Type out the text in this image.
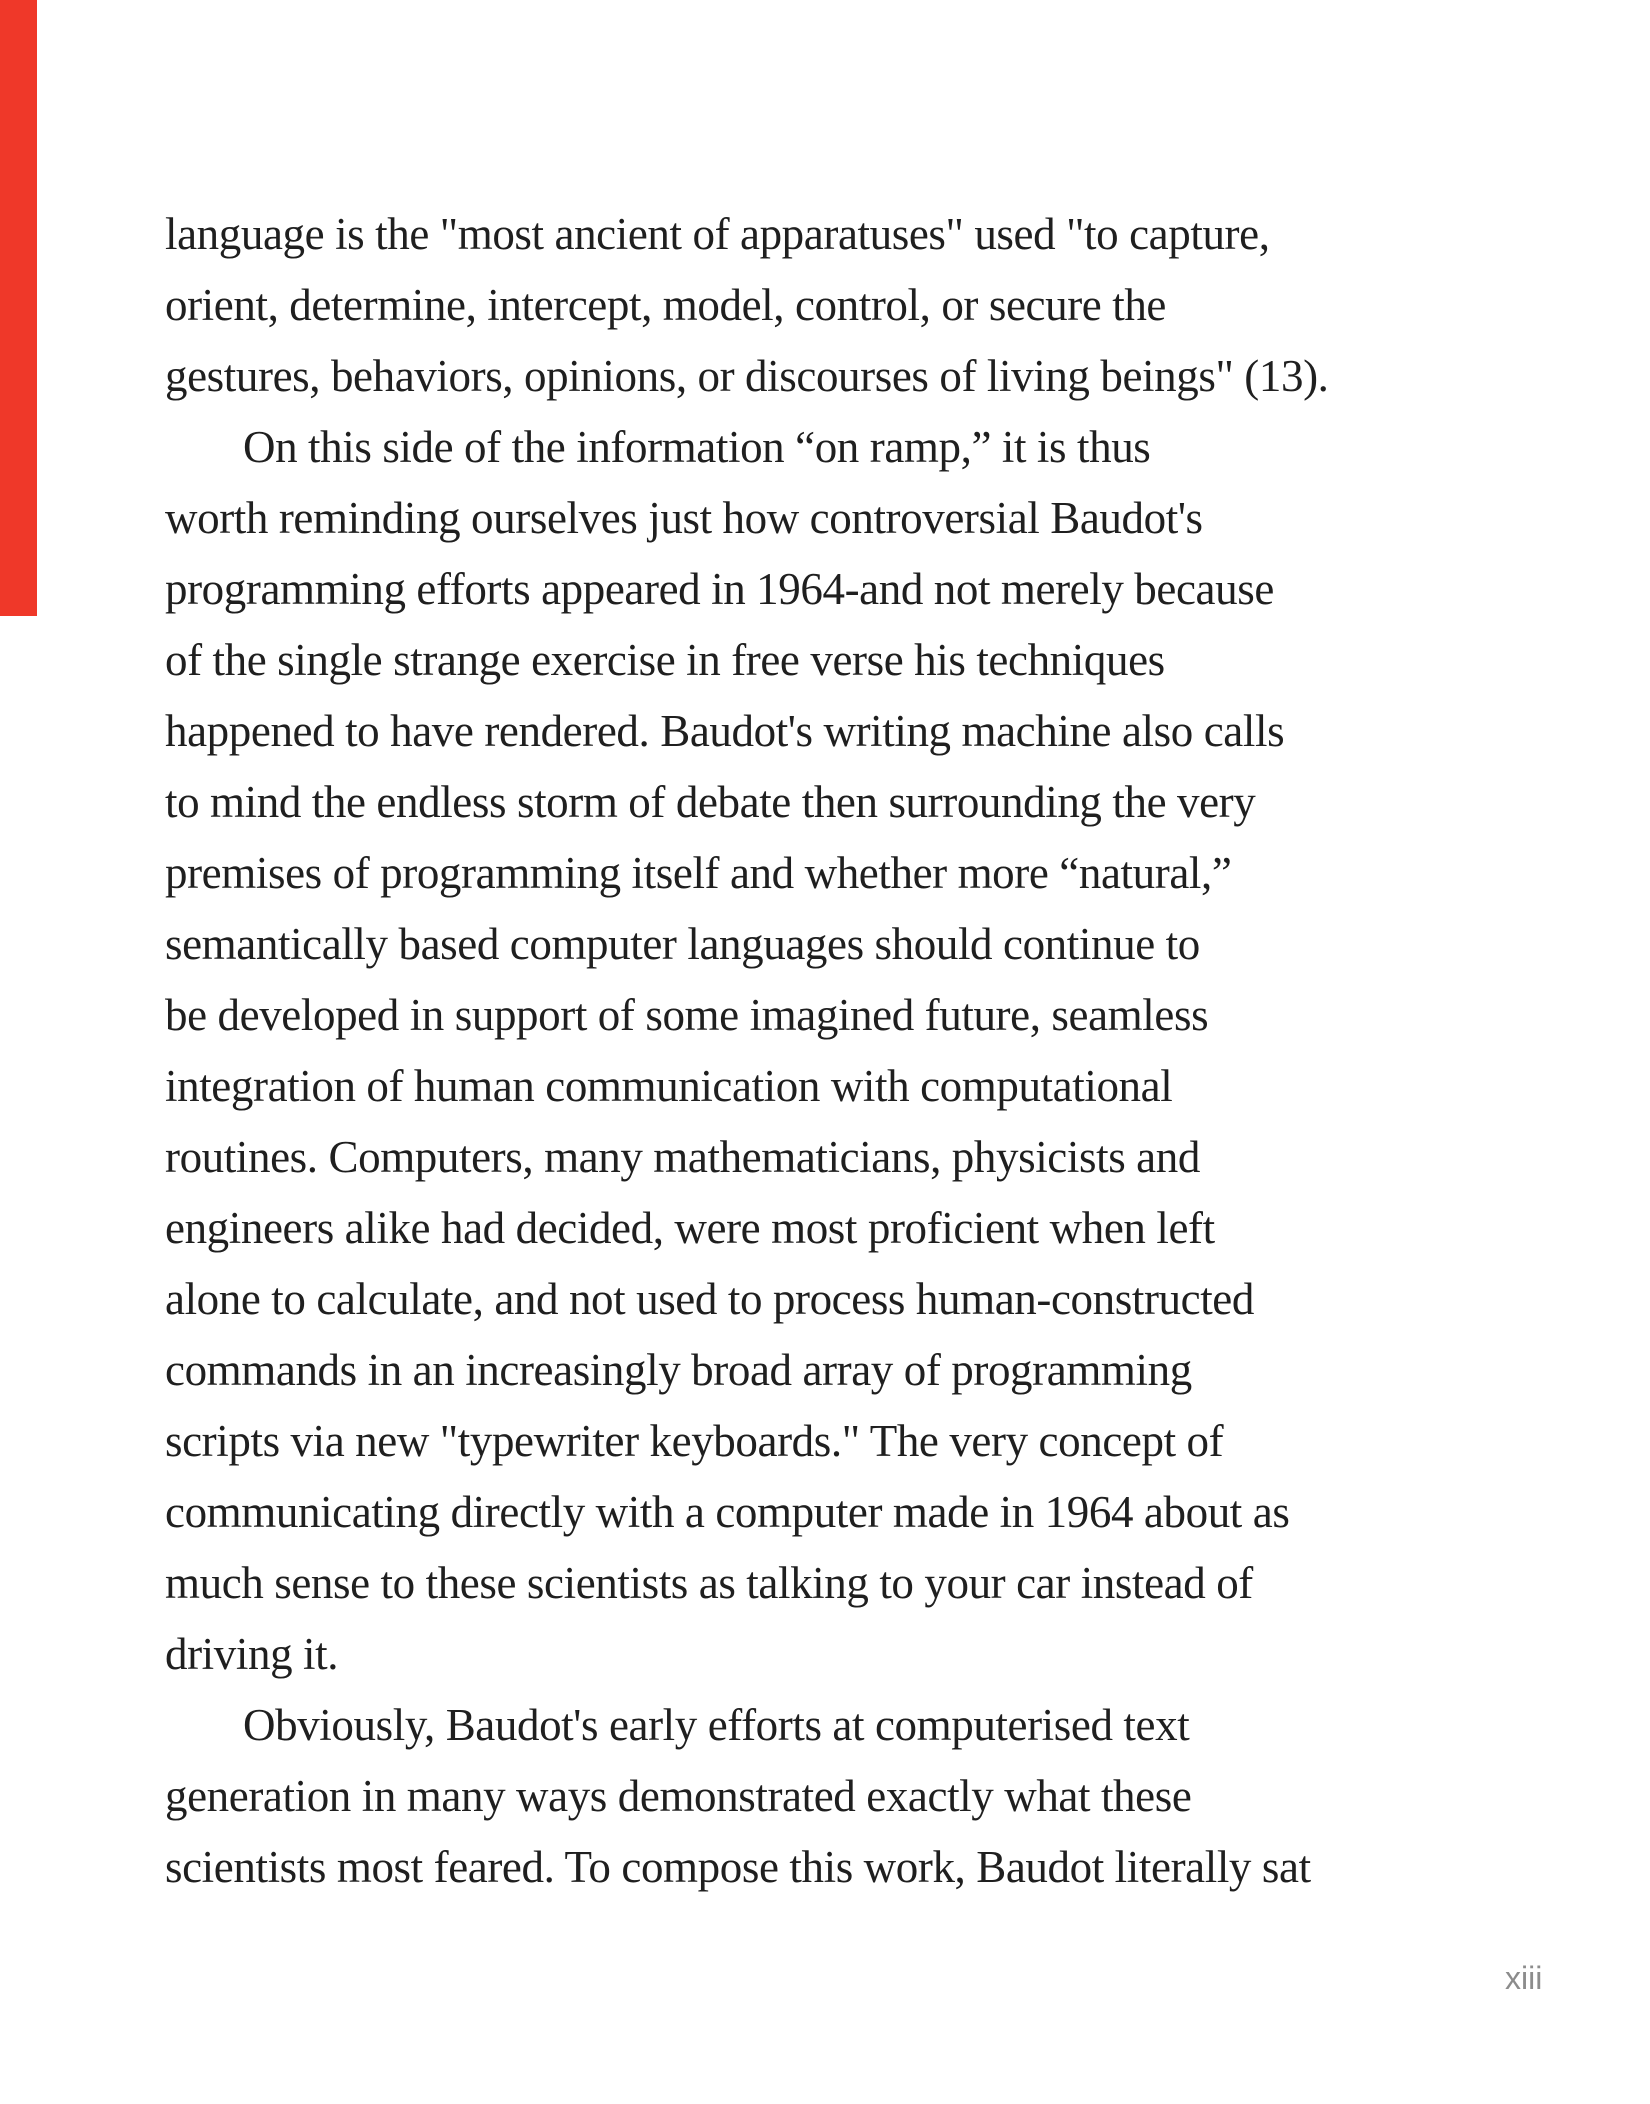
language is the "most ancient of apparatuses" used "to capture,
orient, determine, intercept, model, control, or secure the
gestures, behaviors, opinions, or discourses of living beings" (13).
On this side of the information “on ramp,” it is thus
worth reminding ourselves just how controversial Baudot's
programming efforts appeared in 1964-and not merely because
of the single strange exercise in free verse his techniques
happened to have rendered. Baudot's writing machine also calls
to mind the endless storm of debate then surrounding the very
premises of programming itself and whether more “natural,”
semantically based computer languages should continue to
be developed in support of some imagined future, seamless
integration of human communication with computational
routines. Computers, many mathematicians, physicists and
engineers alike had decided, were most proficient when left
alone to calculate, and not used to process human-constructed
commands in an increasingly broad array of programming
scripts via new "typewriter keyboards." The very concept of
communicating directly with a computer made in 1964 about as
much sense to these scientists as talking to your car instead of
driving it.
Obviously, Baudot's early efforts at computerised text
generation in many ways demonstrated exactly what these
scientists most feared. To compose this work, Baudot literally sat
xiii
